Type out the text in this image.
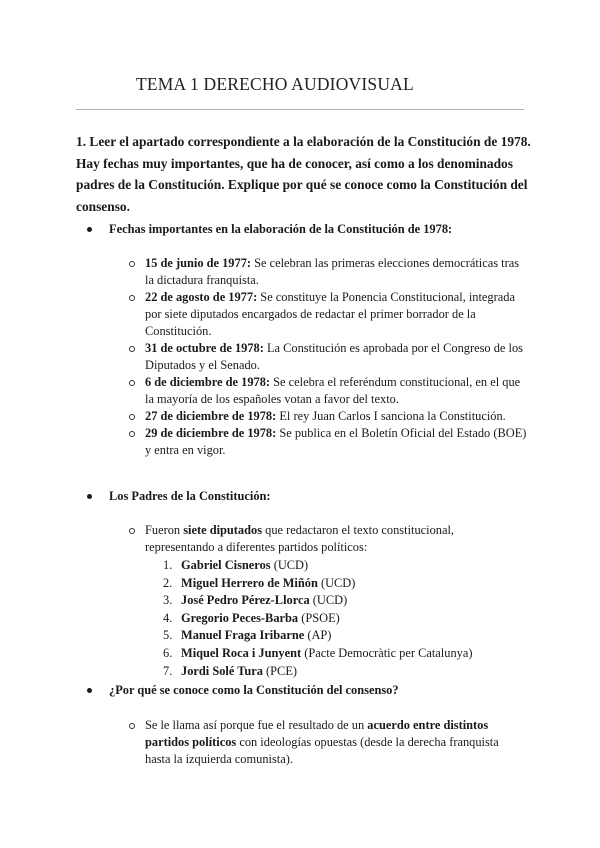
TEMA 1 DERECHO AUDIOVISUAL

1. Leer el apartado correspondiente a la elaboración de la Constitución de 1978. Hay fechas muy importantes, que ha de conocer, así como a los denominados padres de la Constitución. Explique por qué se conoce como la Constitución del consenso.

Fechas importantes en la elaboración de la Constitución de 1978:
15 de junio de 1977: Se celebran las primeras elecciones democráticas tras la dictadura franquista.
22 de agosto de 1977: Se constituye la Ponencia Constitucional, integrada por siete diputados encargados de redactar el primer borrador de la Constitución.
31 de octubre de 1978: La Constitución es aprobada por el Congreso de los Diputados y el Senado.
6 de diciembre de 1978: Se celebra el referéndum constitucional, en el que la mayoría de los españoles votan a favor del texto.
27 de diciembre de 1978: El rey Juan Carlos I sanciona la Constitución.
29 de diciembre de 1978: Se publica en el Boletín Oficial del Estado (BOE) y entra en vigor.
Los Padres de la Constitución:
Fueron siete diputados que redactaron el texto constitucional, representando a diferentes partidos políticos:
1. Gabriel Cisneros (UCD)
2. Miguel Herrero de Miñón (UCD)
3. José Pedro Pérez-Llorca (UCD)
4. Gregorio Peces-Barba (PSOE)
5. Manuel Fraga Iribarne (AP)
6. Miquel Roca i Junyent (Pacte Democràtic per Catalunya)
7. Jordi Solé Tura (PCE)
¿Por qué se conoce como la Constitución del consenso?
Se le llama así porque fue el resultado de un acuerdo entre distintos partidos políticos con ideologías opuestas (desde la derecha franquista hasta la izquierda comunista).
